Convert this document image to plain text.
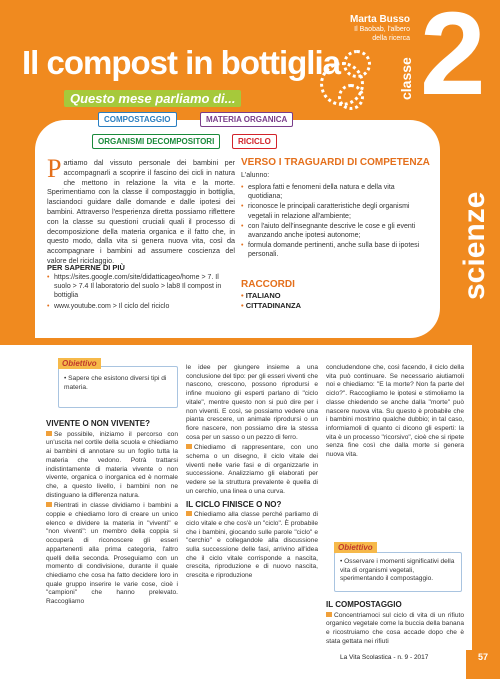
Il compost in bottiglia
Marta Busso
Il Baobab, l'albero
della ricerca 2
classe
scienze
Questo mese parliamo di...
COMPOSTAGGIO	MATERIA ORGANICA
ORGANISMI DECOMPOSITORI	RICICLO
Partiamo dal vissuto personale dei bambini per accompagnarli a scoprire il fascino dei cicli in natura che mettono in relazione la vita e la morte. Sperimentiamo con la classe il compostaggio in bottiglia, lasciandoci guidare dalle domande e dalle ipotesi dei bambini. Attraverso l'esperienza diretta possiamo riflettere con la classe su questioni cruciali quali il processo di decomposizione della materia organica e il fatto che, in questo modo, dalla vita si genera nuova vita, così da accompagnare i bambini ad assumere coscienza del valore del riciclaggio.
PER SAPERNE DI PIÙ
• https://sites.google.com/site/didatticageo/home > 7. Il suolo > 7.4 Il laboratorio del suolo > lab8 Il compost in bottiglia
• www.youtube.com > Il ciclo del riciclo
VERSO I TRAGUARDI DI COMPETENZA
L'alunno:
• esplora fatti e fenomeni della natura e della vita quotidiana;
• riconosce le principali caratteristiche degli organismi vegetali in relazione all'ambiente;
• con l'aiuto dell'insegnante descrive le cose e gli eventi avanzando anche ipotesi autonome;
• formula domande pertinenti, anche sulla base di ipotesi personali.
RACCORDI
• ITALIANO
• CITTADINANZA
Obiettivo
• Sapere che esistono diversi tipi di materia.
VIVENTE O NON VIVENTE?

Se possibile, iniziamo il percorso con un'uscita nel cortile della scuola e chiediamo ai bambini di annotare su un foglio tutta la materia che vedono. Potrà trattarsi indistintamente di materia vivente o non vivente, organica o inorganica ed è normale che, a questo livello, i bambini non ne distinguano la differenza natura.

Rientrati in classe dividiamo i bambini a coppie e chiediamo loro di creare un unico elenco e dividere la materia in "viventi" e "non viventi": un membro della coppia si occuperà di riconoscere gli esseri appartenenti alla prima categoria, l'altro quelli della seconda. Proseguiamo con un momento di condivisione, durante il quale chiediamo che cosa ha fatto decidere loro in quale gruppo inserire le varie cose, cioè i "campioni" che hanno prelevato. Raccogliamo

le idee per giungere insieme a una conclusione del tipo: per gli esseri viventi che nascono, crescono, possono riprodursi e infine muoiono gli esperti parlano di "ciclo vitale", mentre questo non si può dire per i non viventi. E così, se possiamo vedere una pianta crescere, un animale riprodursi o un fiore nascere, non possiamo dire la stessa cosa per un sasso o un pezzo di ferro.

Chiediamo di rappresentare, con uno schema o un disegno, il ciclo vitale dei viventi nelle varie fasi e di organizzarle in successione. Analizziamo gli elaborati per vedere se la struttura prevalente è quella di un cerchio, una linea o una curva.

IL CICLO FINISCE O NO?

Chiediamo alla classe perché parliamo di ciclo vitale e che cos'è un "ciclo". È probabile che i bambini, giocando sulle parole "ciclo" e "cerchio" e collegandole alla discussione sulla successione delle fasi, arrivino all'idea che il ciclo vitale corrisponde a nascita, crescita, riproduzione e di nuovo nascita, crescita e riproduzione

concludendone che, così facendo, il ciclo della vita può continuare. Se necessario aiutiamoli noi e chiediamo: "E la morte? Non fa parte del ciclo?". Raccogliamo le ipotesi e stimoliamo la classe chiedendo se anche dalla "morte" può nascere nuova vita. Su questo è probabile che i bambini mostrino qualche dubbio; in tal caso, informiamoli di quanto ci dicono gli esperti: la vita è un processo "ricorsivo", cioè che si ripete senza fine così che dalla morte si genera nuova vita.

Obiettivo
• Osservare i momenti significativi della vita di organismi vegetali, sperimentando il compostaggio.
IL COMPOSTAGGIO

Concentriamoci sul ciclo di vita di un rifiuto organico vegetale come la buccia della banana e ricostruiamo che cosa accade dopo che è stata gettata nei rifiuti

La Vita Scolastica - n. 9 - 2017	57
